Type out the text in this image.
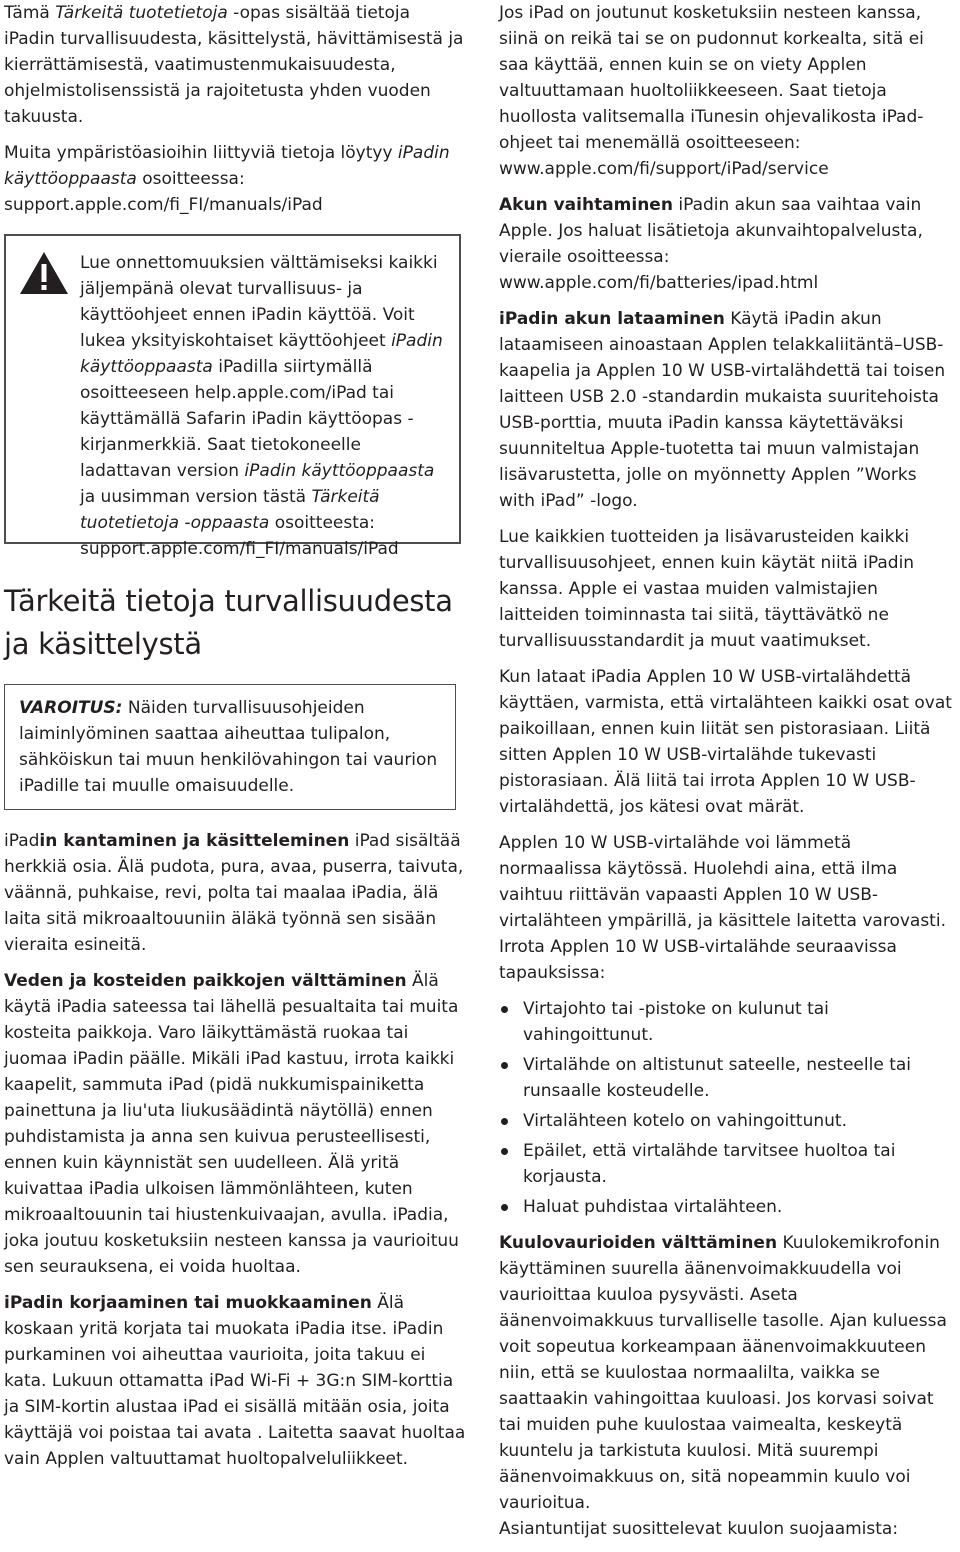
Tämä Tärkeitä tuotetietoja -opas sisältää tietoja iPadin turvallisuudesta, käsittelystä, hävittämisestä ja kierrättämisestä, vaatimustenmukaisuudesta, ohjelmistolisenssistä ja rajoitetusta yhden vuoden takuusta.

Muita ympäristöasioihin liittyviä tietoja löytyy iPadin käyttöoppaasta osoitteessa:
support.apple.com/fi_FI/manuals/iPad

Lue onnettomuuksien välttämiseksi kaikki jäljempänä olevat turvallisuus- ja käyttöohjeet ennen iPadin käyttöä. Voit lukea yksityiskohtaiset käyttöohjeet iPadin käyttöoppaasta iPadilla siirtymällä osoitteeseen help.apple.com/iPad tai käyttämällä Safarin iPadin käyttöopas -kirjanmerkkiä. Saat tietokoneelle ladattavan version iPadin käyttöoppaasta ja uusimman version tästä Tärkeitä tuotetietoja -oppaasta osoitteesta:
support.apple.com/fi_FI/manuals/iPad

Tärkeitä tietoja turvallisuudesta ja käsittelystä
VAROITUS: Näiden turvallisuusohjeiden laiminlyöminen saattaa aiheuttaa tulipalon, sähköiskun tai muun henkilövahingon tai vaurion iPadille tai muulle omaisuudelle.

iPadin kantaminen ja käsitteleminen iPad sisältää herkkiä osia. Älä pudota, pura, avaa, puserra, taivuta, väännä, puhkaise, revi, polta tai maalaa iPadia, älä laita sitä mikroaaltouuniin äläkä työnnä sen sisään vieraita esineitä.

Veden ja kosteiden paikkojen välttäminen Älä käytä iPadia sateessa tai lähellä pesualtaita tai muita kosteita paikkoja. Varo läikyttämästä ruokaa tai juomaa iPadin päälle. Mikäli iPad kastuu, irrota kaikki kaapelit, sammuta iPad (pidä nukkumispainiketta painettuna ja liu'uta liukusäädintä näytöllä) ennen puhdistamista ja anna sen kuivua perusteellisesti, ennen kuin käynnistät sen uudelleen. Älä yritä kuivattaa iPadia ulkoisen lämmönlähteen, kuten mikroaaltouunin tai hiustenkuivaajan, avulla. iPadia, joka joutuu kosketuksiin nesteen kanssa ja vaurioituu sen seurauksena, ei voida huoltaa.

iPadin korjaaminen tai muokkaaminen Älä koskaan yritä korjata tai muokata iPadia itse. iPadin purkaminen voi aiheuttaa vaurioita, joita takuu ei kata. Lukuun ottamatta iPad Wi-Fi + 3G:n SIM-korttia ja SIM-kortin alustaa iPad ei sisällä mitään osia, joita käyttäjä voi poistaa tai avata . Laitetta saavat huoltaa vain Applen valtuuttamat huoltopalveluliikkeet.

Jos iPad on joutunut kosketuksiin nesteen kanssa, siinä on reikä tai se on pudonnut korkealta, sitä ei saa käyttää, ennen kuin se on viety Applen valtuuttamaan huoltoliikkeeseen. Saat tietoja huollosta valitsemalla iTunesin ohjevalikosta iPad-ohjeet tai menemällä osoitteeseen:
www.apple.com/fi/support/iPad/service

Akun vaihtaminen iPadin akun saa vaihtaa vain Apple. Jos haluat lisätietoja akunvaihtopalvelusta, vieraile osoitteessa:
www.apple.com/fi/batteries/ipad.html

iPadin akun lataaminen Käytä iPadin akun lataamiseen ainoastaan Applen telakkaliitäntä–USB-kaapelia ja Applen 10 W USB-virtalähdettä tai toisen laitteen USB 2.0 -standardin mukaista suuritehoista USB-porttia, muuta iPadin kanssa käytettäväksi suunniteltua Apple-tuotetta tai muun valmistajan lisävarustetta, jolle on myönnetty Applen ”Works with iPad” -logo.

Lue kaikkien tuotteiden ja lisävarusteiden kaikki turvallisuusohjeet, ennen kuin käytät niitä iPadin kanssa. Apple ei vastaa muiden valmistajien laitteiden toiminnasta tai siitä, täyttävätkö ne turvallisuusstandardit ja muut vaatimukset.

Kun lataat iPadia Applen 10 W USB-virtalähdettä käyttäen, varmista, että virtalähteen kaikki osat ovat paikoillaan, ennen kuin liität sen pistorasiaan. Liitä sitten Applen 10 W USB-virtalähde tukevasti pistorasiaan. Älä liitä tai irrota Applen 10 W USB-virtalähdettä, jos kätesi ovat märät.

Applen 10 W USB-virtalähde voi lämmetä normaalissa käytössä. Huolehdi aina, että ilma vaihtuu riittävän vapaasti Applen 10 W USB-virtalähteen ympärillä, ja käsittele laitetta varovasti. Irrota Applen 10 W USB-virtalähde seuraavissa tapauksissa:

Virtajohto tai -pistoke on kulunut tai vahingoittunut.
Virtalähde on altistunut sateelle, nesteelle tai runsaalle kosteudelle.
Virtalähteen kotelo on vahingoittunut.
Epäilet, että virtalähde tarvitsee huoltoa tai korjausta.
Haluat puhdistaa virtalähteen.

Kuulovaurioiden välttäminen Kuulokemikrofonin käyttäminen suurella äänenvoimakkuudella voi vaurioittaa kuuloa pysyvästi. Aseta äänenvoimakkuus turvalliselle tasolle. Ajan kuluessa voit sopeutua korkeampaan äänenvoimakkuuteen niin, että se kuulostaa normaalilta, vaikka se saattaakin vahingoittaa kuuloasi. Jos korvasi soivat tai muiden puhe kuulostaa vaimealta, keskeytä kuuntelu ja tarkistuta kuulosi. Mitä suurempi äänenvoimakkuus on, sitä nopeammin kuulo voi vaurioitua.
Asiantuntijat suosittelevat kuulon suojaamista:
